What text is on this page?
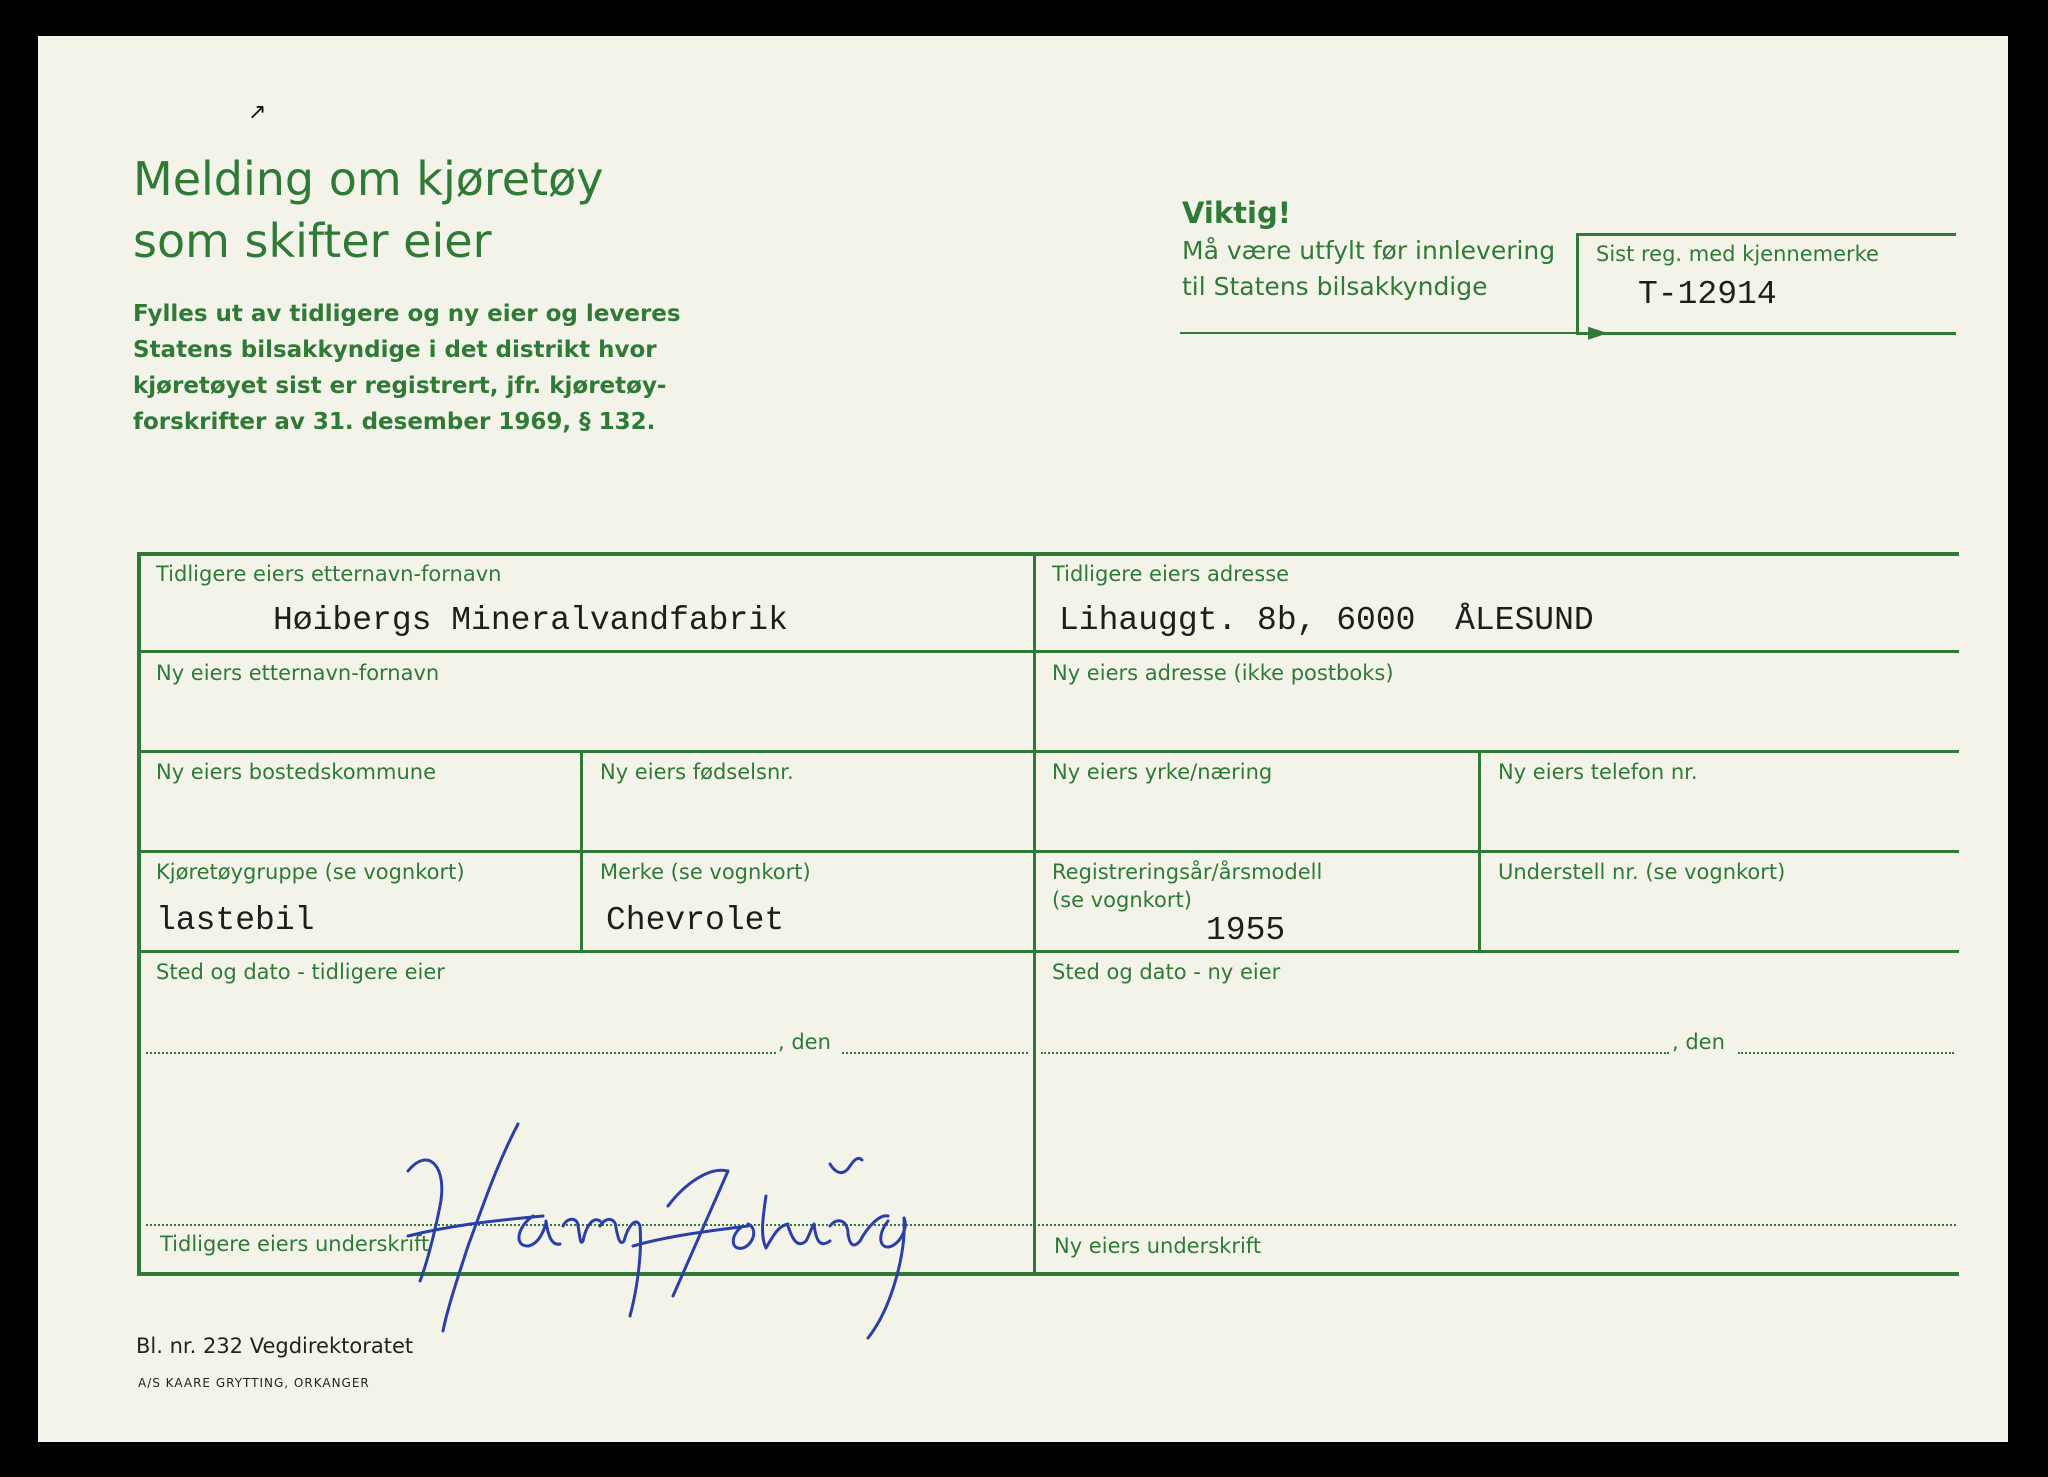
Melding om kjøretøy
som skifter eier
Fylles ut av tidligere og ny eier og leveres
Statens bilsakkyndige i det distrikt hvor
kjøretøyet sist er registrert, jfr. kjøretøy-
forskrifter av 31. desember 1969, § 132.
Viktig!
Må være utfylt før innlevering
til Statens bilsakkyndige
Sist reg. med kjennemerke
T-12914
Tidligere eiers etternavn-fornavn
Høibergs Mineralvandfabrik
Tidligere eiers adresse
Lihauggt. 8b, 6000  ÅLESUND
Ny eiers etternavn-fornavn	Ny eiers adresse (ikke postboks)
Ny eiers bostedskommune	Ny eiers fødselsnr.	Ny eiers yrke/næring	Ny eiers telefon nr.
Kjøretøygruppe (se vognkort)
lastebil
Merke (se vognkort)
Chevrolet
Registreringsår/årsmodell
(se vognkort)
1955
Understell nr. (se vognkort)
Sted og dato - tidligere eier
, den
Sted og dato - ny eier
, den
Tidligere eiers underskrift	Ny eiers underskrift
Bl. nr. 232 Vegdirektoratet
A/S KAARE GRYTTING, ORKANGER
↗
